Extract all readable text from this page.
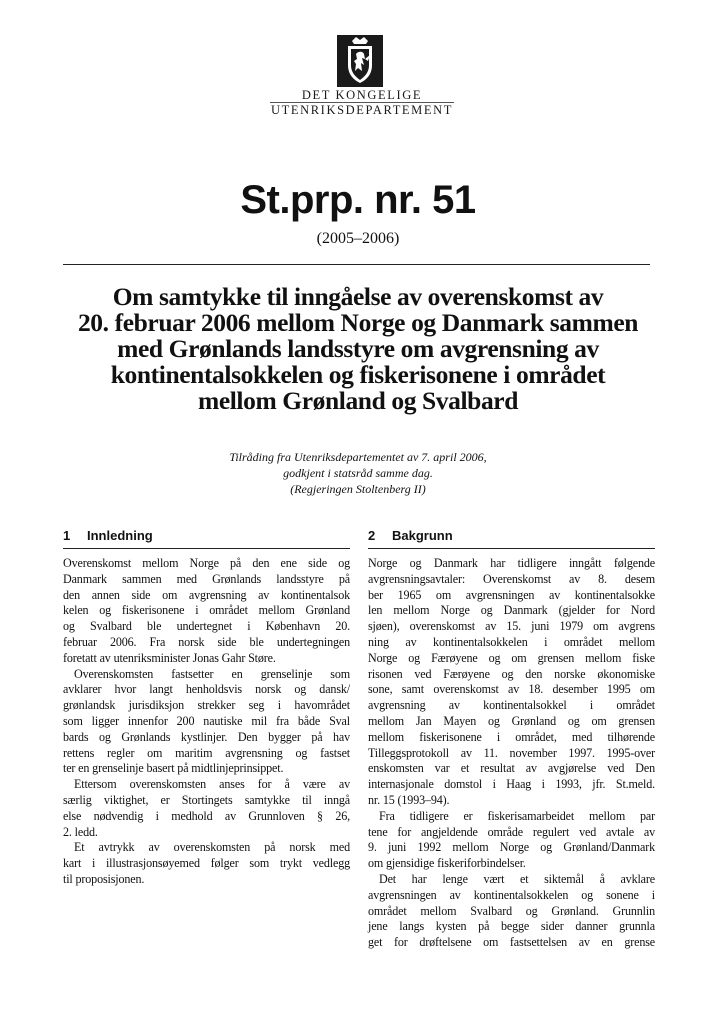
DET KONGELIGE
UTENRIKSDEPARTEMENT
St.prp. nr. 51
(2005–2006)
Om samtykke til inngåelse av overenskomst av
20. februar 2006 mellom Norge og Danmark sammen
med Grønlands landsstyre om avgrensning av
kontinentalsokkelen og fiskerisonene i området
mellom Grønland og Svalbard
Tilråding fra Utenriksdepartementet av 7. april 2006,
godkjent i statsråd samme dag.
(Regjeringen Stoltenberg II)
1 Innledning
Overenskomst mellom Norge på den ene side og
Danmark sammen med Grønlands landsstyre på
den annen side om avgrensning av kontinentalsok
kelen og fiskerisonene i området mellom Grønland
og Svalbard ble undertegnet i København 20.
februar 2006. Fra norsk side ble undertegningen
foretatt av utenriksminister Jonas Gahr Støre.
Overenskomsten fastsetter en grenselinje som
avklarer hvor langt henholdsvis norsk og dansk/
grønlandsk jurisdiksjon strekker seg i havområdet
som ligger innenfor 200 nautiske mil fra både Sval
bards og Grønlands kystlinjer. Den bygger på hav
rettens regler om maritim avgrensning og fastset
ter en grenselinje basert på midtlinjeprinsippet.
Ettersom overenskomsten anses for å være av
særlig viktighet, er Stortingets samtykke til inngå
else nødvendig i medhold av Grunnloven § 26,
2. ledd.
Et avtrykk av overenskomsten på norsk med
kart i illustrasjonsøyemed følger som trykt vedlegg
til proposisjonen.
2 Bakgrunn
Norge og Danmark har tidligere inngått følgende
avgrensningsavtaler: Overenskomst av 8. desem
ber 1965 om avgrensningen av kontinentalsokke
len mellom Norge og Danmark (gjelder for Nord
sjøen), overenskomst av 15. juni 1979 om avgrens
ning av kontinentalsokkelen i området mellom
Norge og Færøyene og om grensen mellom fiske
risonen ved Færøyene og den norske økonomiske
sone, samt overenskomst av 18. desember 1995 om
avgrensning av kontinentalsokkel i området
mellom Jan Mayen og Grønland og om grensen
mellom fiskerisonene i området, med tilhørende
Tilleggsprotokoll av 11. november 1997. 1995-over
enskomsten var et resultat av avgjørelse ved Den
internasjonale domstol i Haag i 1993, jfr. St.meld.
nr. 15 (1993–94).
Fra tidligere er fiskerisamarbeidet mellom par
tene for angjeldende område regulert ved avtale av
9. juni 1992 mellom Norge og Grønland/Danmark
om gjensidige fiskeriforbindelser.
Det har lenge vært et siktemål å avklare
avgrensningen av kontinentalsokkelen og sonene i
området mellom Svalbard og Grønland. Grunnlin
jene langs kysten på begge sider danner grunnla
get for drøftelsene om fastsettelsen av en grense
